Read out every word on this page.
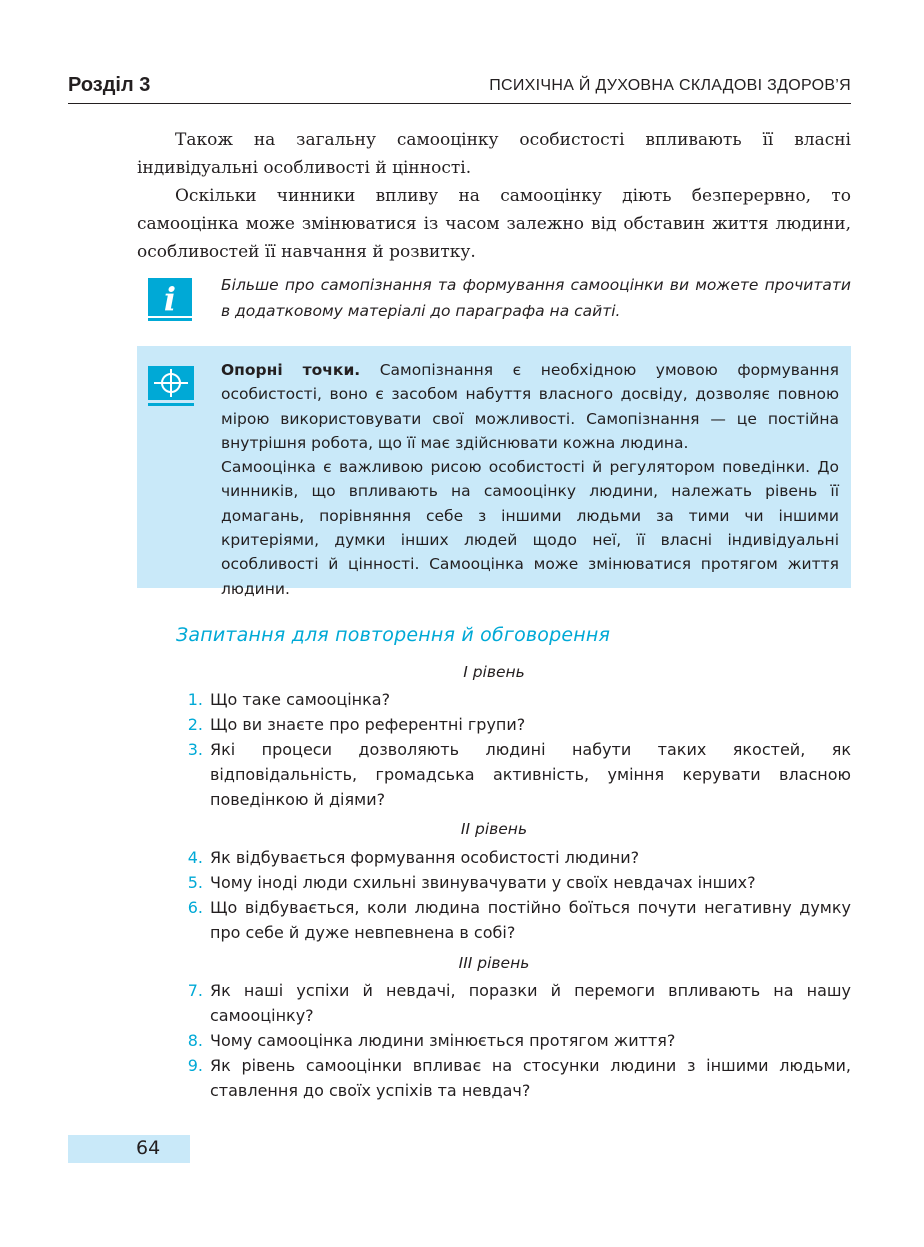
Розділ 3	ПСИХІЧНА Й ДУХОВНА СКЛАДОВІ ЗДОРОВ’Я

Також на загальну самооцінку особистості впливають її власні індивідуальні особливості й цінності.

Оскільки чинники впливу на самооцінку діють безперервно, то самооцінка може змінюватися із часом залежно від обставин життя людини, особливостей її навчання й розвитку.

i	Більше про самопізнання та формування самооцінки ви можете прочитати в додатковому матеріалі до параграфа на сайті.

Опорні точки. Самопізнання є необхідною умовою формування особистості, воно є засобом набуття власного досвіду, дозволяє повною мірою використовувати свої можливості. Самопізнання — це постійна внутрішня робота, що її має здійснювати кожна людина.

Самооцінка є важливою рисою особистості й регулятором поведінки. До чинників, що впливають на самооцінку людини, належать рівень її домагань, порівняння себе з іншими людьми за тими чи іншими критеріями, думки інших людей щодо неї, її власні індивідуальні особливості й цінності. Самооцінка може змінюватися протягом життя людини.

Запитання для повторення й обговорення
І рівень
1. Що таке самооцінка?
2. Що ви знаєте про референтні групи?
3. Які процеси дозволяють людині набути таких якостей, як відповідальність, громадська активність, уміння керувати власною поведінкою й діями?
ІІ рівень
4. Як відбувається формування особистості людини?
5. Чому іноді люди схильні звинувачувати у своїх невдачах інших?
6. Що відбувається, коли людина постійно боїться почути негативну думку про себе й дуже невпевнена в собі?
ІІІ рівень
7. Як наші успіхи й невдачі, поразки й перемоги впливають на нашу самооцінку?
8. Чому самооцінка людини змінюється протягом життя?
9. Як рівень самооцінки впливає на стосунки людини з іншими людьми, ставлення до своїх успіхів та невдач?
64
